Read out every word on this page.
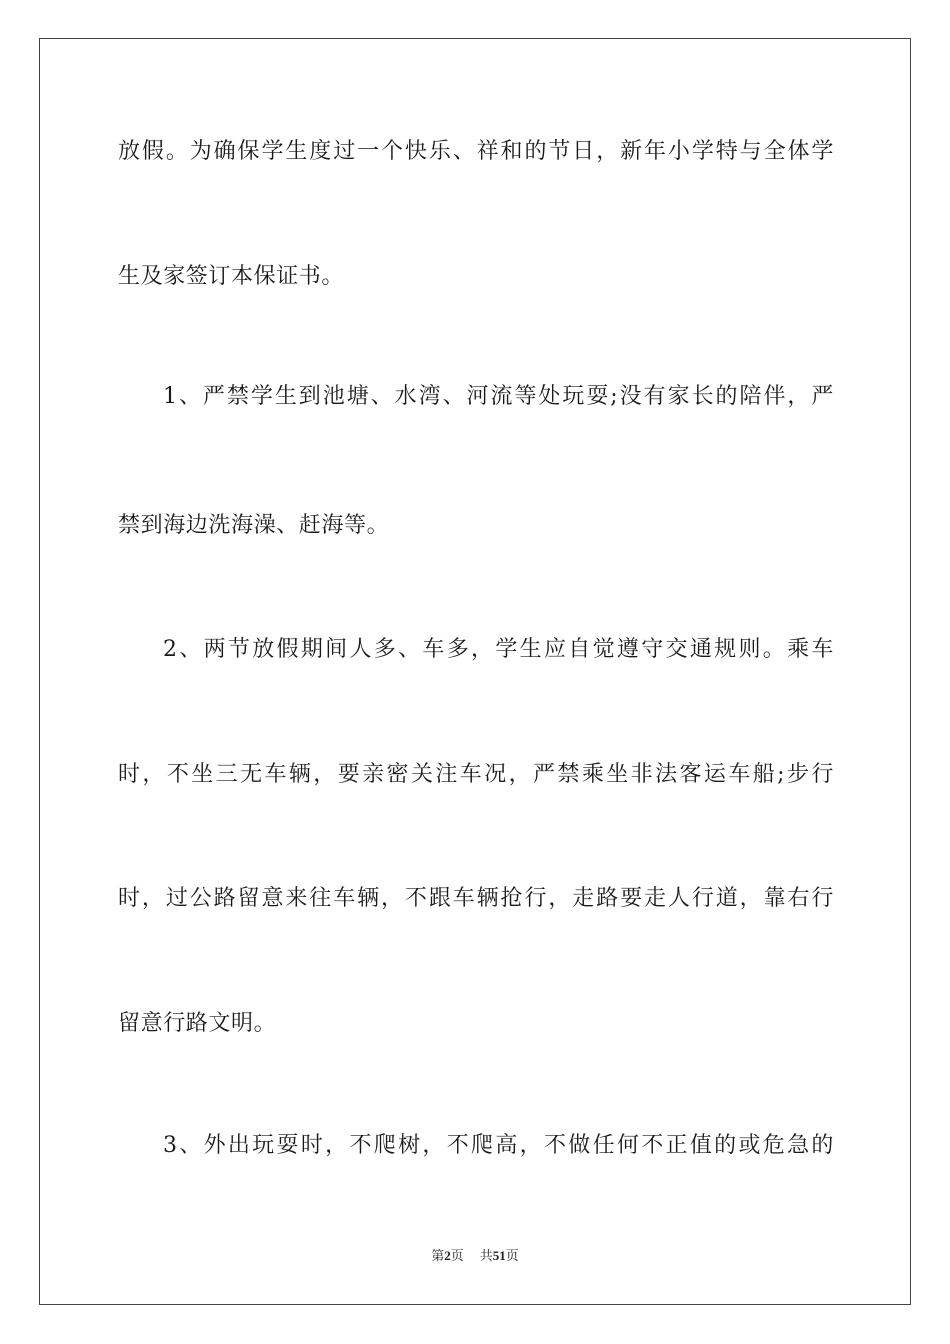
放假。为确保学生度过一个快乐、祥和的节日，新年小学特与全体学
生及家签订本保证书。
1、严禁学生到池塘、水湾、河流等处玩耍;没有家长的陪伴，严
禁到海边洗海澡、赶海等。
2、两节放假期间人多、车多，学生应自觉遵守交通规则。乘车
时，不坐三无车辆，要亲密关注车况，严禁乘坐非法客运车船;步行
时，过公路留意来往车辆，不跟车辆抢行，走路要走人行道，靠右行
留意行路文明。
3、外出玩耍时，不爬树，不爬高，不做任何不正值的或危急的
第2页 共51页
